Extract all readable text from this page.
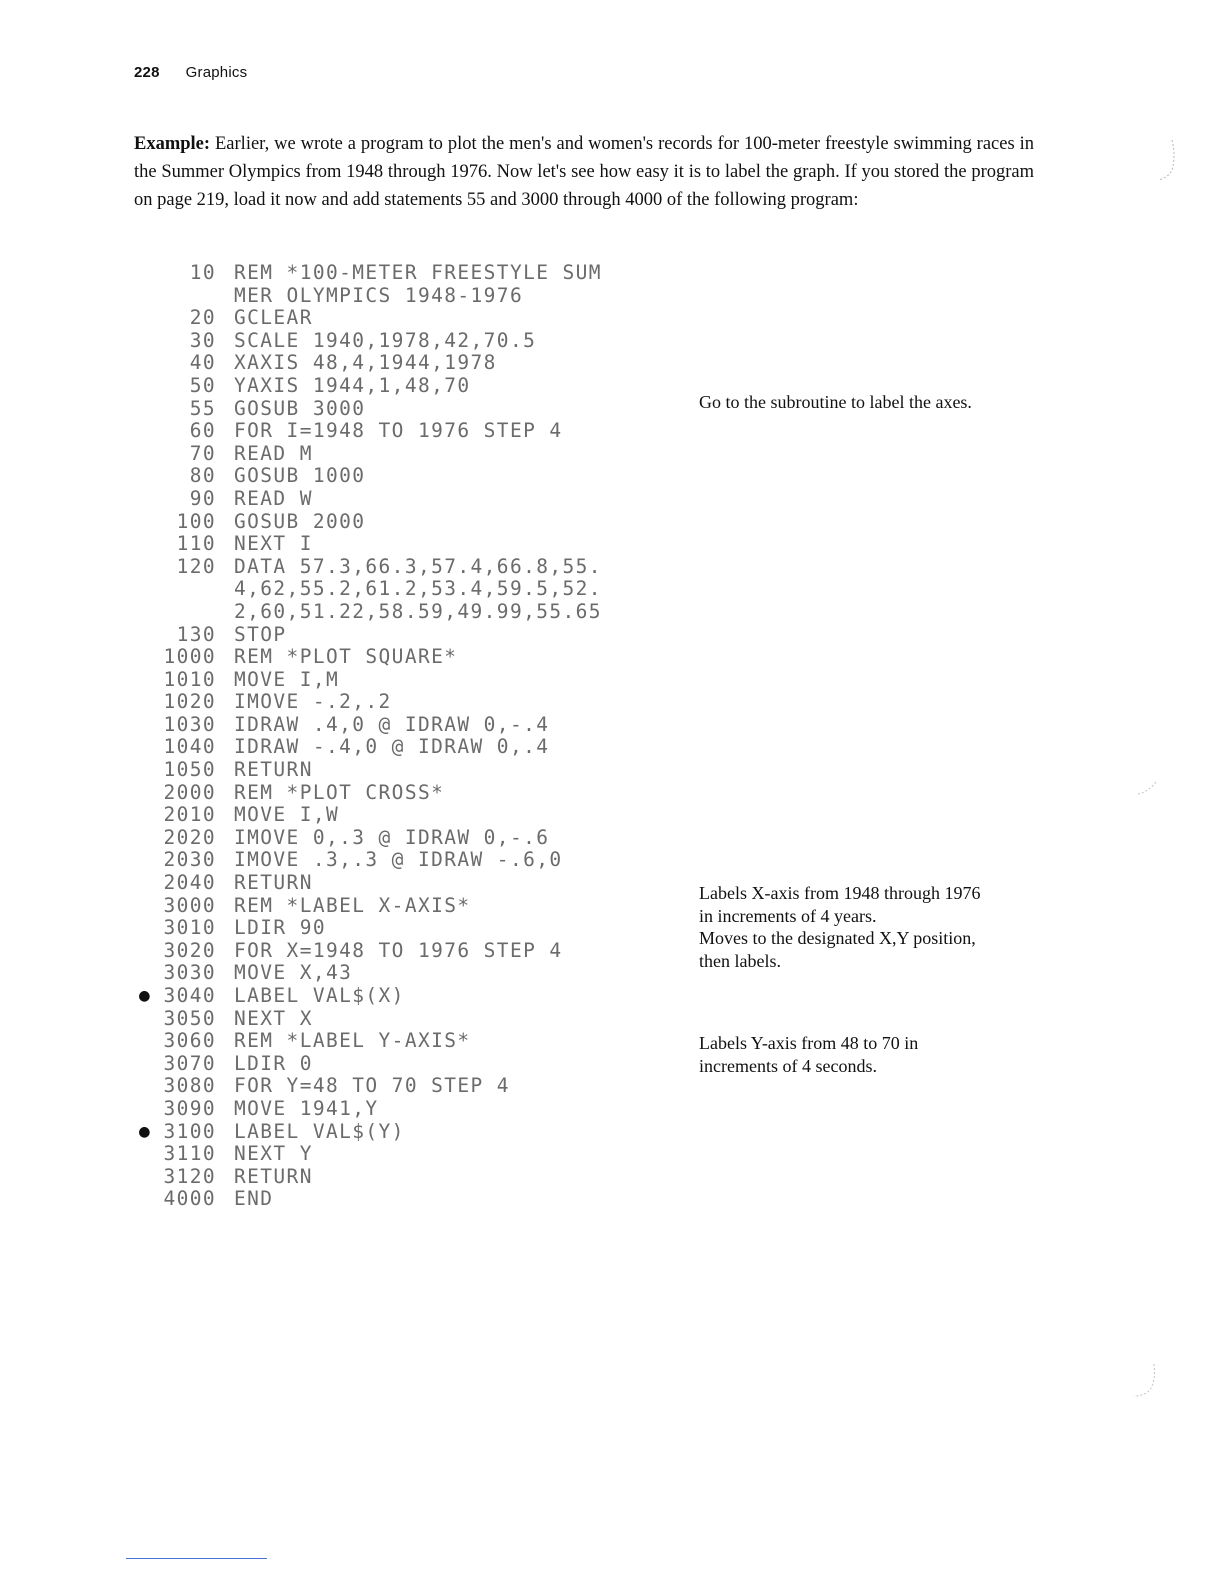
228 Graphics

Example: Earlier, we wrote a program to plot the men's and women's records for 100-meter freestyle swimming races in the Summer Olympics from 1948 through 1976. Now let's see how easy it is to label the graph. If you stored the program on page 219, load it now and add statements 55 and 3000 through 4000 of the following program:

10 REM *100-METER FREESTYLE SUM
MER OLYMPICS 1948-1976
20 GCLEAR
30 SCALE 1940,1978,42,70.5
40 XAXIS 48,4,1944,1978
50 YAXIS 1944,1,48,70
55 GOSUB 3000
60 FOR I=1948 TO 1976 STEP 4
70 READ M
80 GOSUB 1000
90 READ W
100 GOSUB 2000
110 NEXT I
120 DATA 57.3,66.3,57.4,66.8,55.
4,62,55.2,61.2,53.4,59.5,52.
2,60,51.22,58.59,49.99,55.65
130 STOP
1000 REM *PLOT SQUARE*
1010 MOVE I,M
1020 IMOVE -.2,.2
1030 IDRAW .4,0 @ IDRAW 0,-.4
1040 IDRAW -.4,0 @ IDRAW 0,.4
1050 RETURN
2000 REM *PLOT CROSS*
2010 MOVE I,W
2020 IMOVE 0,.3 @ IDRAW 0,-.6
2030 IMOVE .3,.3 @ IDRAW -.6,0
2040 RETURN
3000 REM *LABEL X-AXIS*
3010 LDIR 90
3020 FOR X=1948 TO 1976 STEP 4
3030 MOVE X,43
● 3040 LABEL VAL$(X)
3050 NEXT X
3060 REM *LABEL Y-AXIS*
3070 LDIR 0
3080 FOR Y=48 TO 70 STEP 4
3090 MOVE 1941,Y
● 3100 LABEL VAL$(Y)
3110 NEXT Y
3120 RETURN
4000 END
Go to the subroutine to label the axes.
Labels X-axis from 1948 through 1976
in increments of 4 years.
Moves to the designated X,Y position,
then labels.
Labels Y-axis from 48 to 70 in
increments of 4 seconds.
